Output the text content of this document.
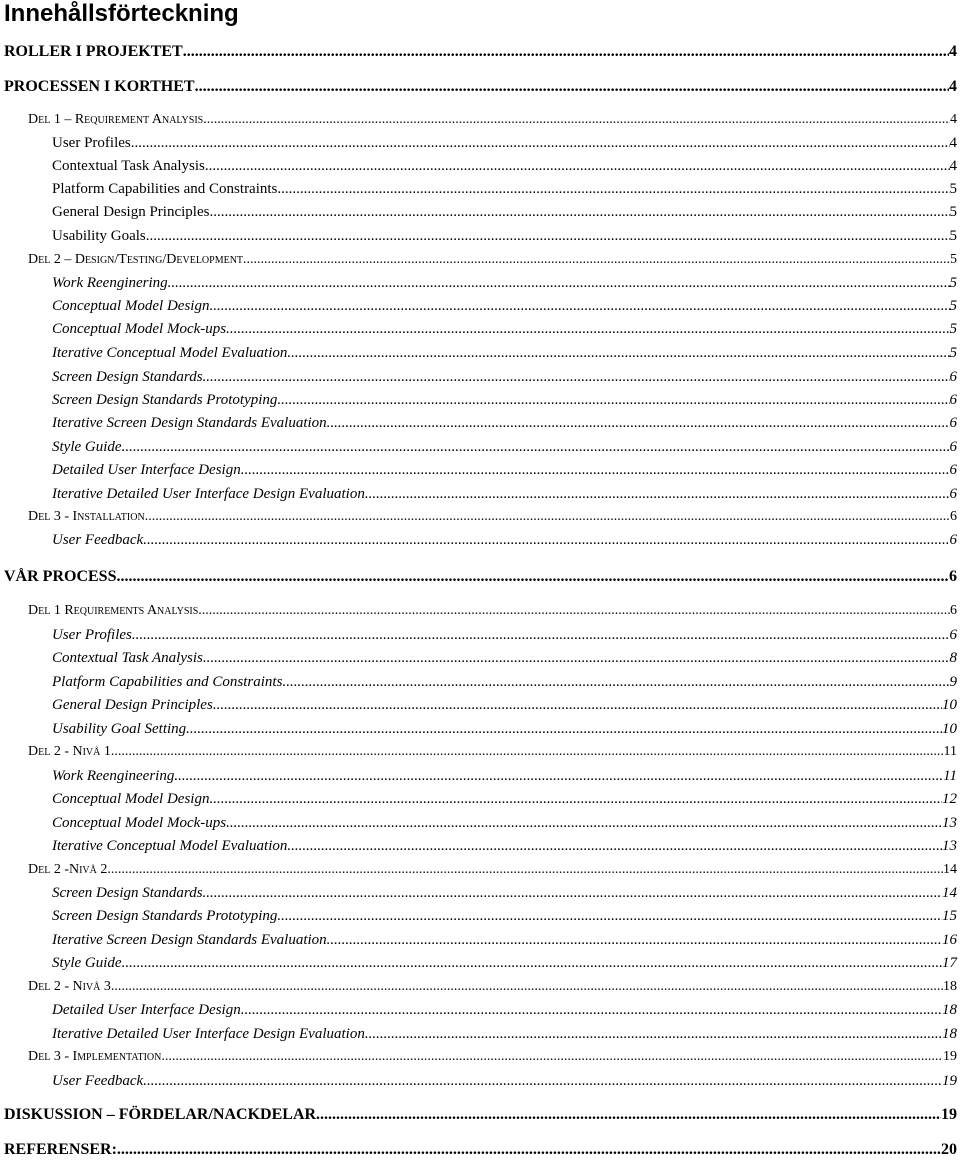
Innehållsförteckning
ROLLER I PROJEKTET .....	4
PROCESSEN I KORTHET .....	4
Del 1 – Requirement Analysis .....	4
User Profiles .....	4
Contextual Task Analysis .....	4
Platform Capabilities and Constraints .....	5
General Design Principles .....	5
Usability Goals .....	5
Del 2 – Design/Testing/Development .....	5
Work Reenginering .....	5
Conceptual Model Design .....	5
Conceptual Model Mock-ups .....	5
Iterative Conceptual Model Evaluation .....	5
Screen Design Standards .....	6
Screen Design Standards Prototyping .....	6
Iterative Screen Design Standards Evaluation .....	6
Style Guide .....	6
Detailed User Interface Design .....	6
Iterative Detailed User Interface Design Evaluation .....	6
Del 3 - Installation .....	6
User Feedback .....	6
VÅR PROCESS .....	6
Del 1 Requirements Analysis .....	6
User Profiles .....	6
Contextual Task Analysis .....	8
Platform Capabilities and Constraints .....	9
General Design Principles .....	10
Usability Goal Setting .....	10
Del 2 - Nivå 1 .....	11
Work Reengineering .....	11
Conceptual Model Design .....	12
Conceptual Model Mock-ups .....	13
Iterative Conceptual Model Evaluation .....	13
Del 2 -Nivå 2 .....	14
Screen Design Standards .....	14
Screen Design Standards Prototyping .....	15
Iterative Screen Design Standards Evaluation .....	16
Style Guide .....	17
Del 2 - Nivå 3 .....	18
Detailed User Interface Design .....	18
Iterative Detailed User Interface Design Evaluation .....	18
Del 3 - Implementation .....	19
User Feedback .....	19
DISKUSSION – FÖRDELAR/NACKDELAR .....	19
REFERENSER: .....	20
